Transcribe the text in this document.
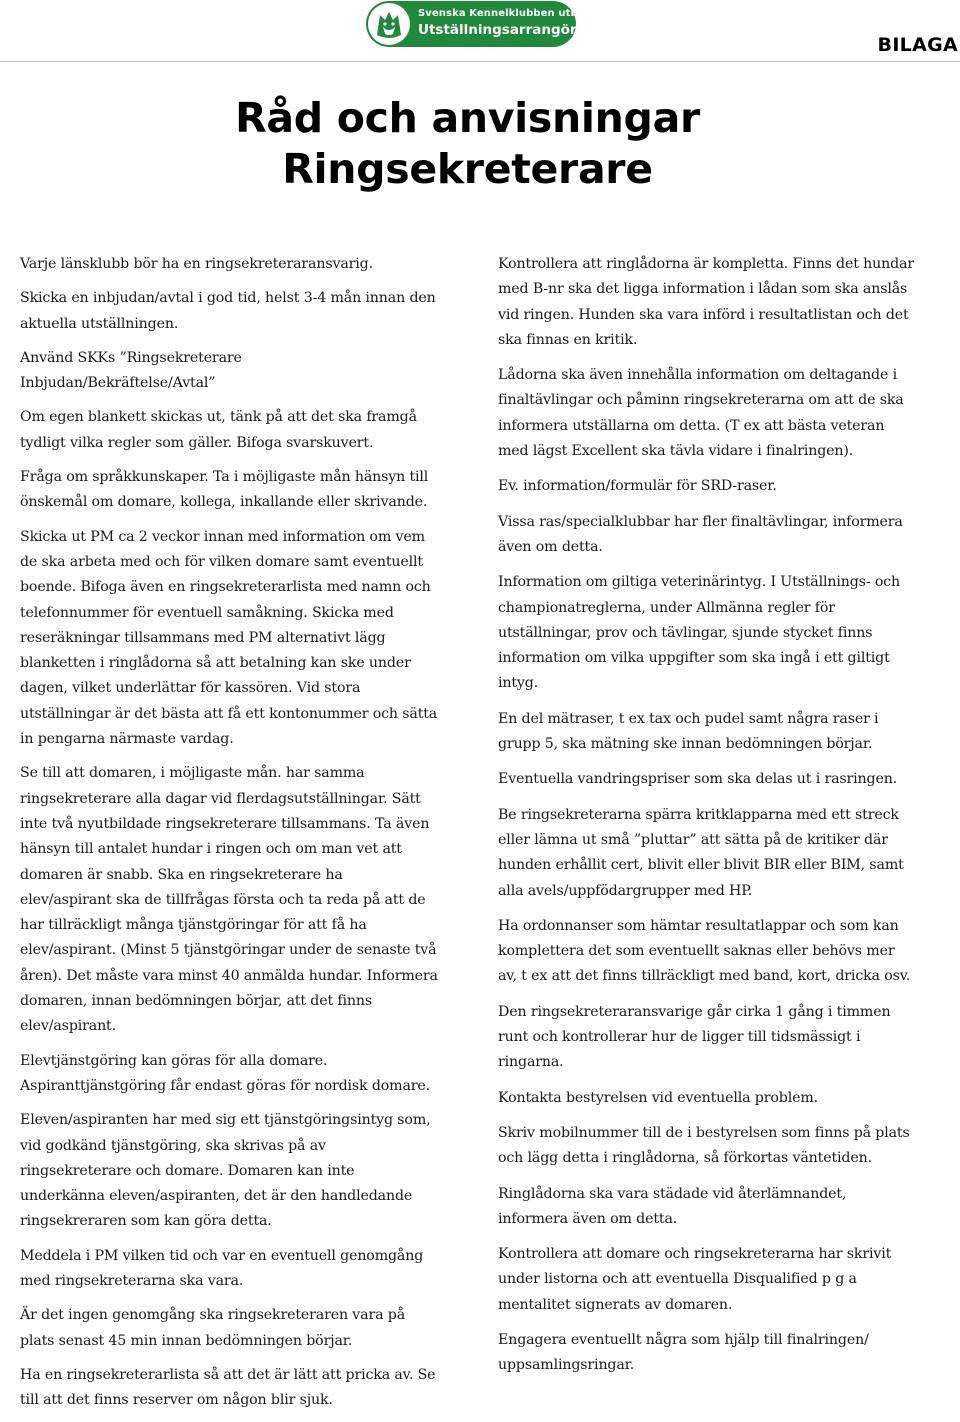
Svenska Kennelklubben utbildning
Utställningsarrangör
BILAGA
Råd och anvisningar
Ringsekreterare

Varje länsklubb bör ha en ringsekreteraransvarig.

Skicka en inbjudan/avtal i god tid, helst 3-4 mån innan den aktuella utställningen.

Använd SKKs ”Ringsekreterare Inbjudan/Bekräftelse/Avtal”

Om egen blankett skickas ut, tänk på att det ska framgå tydligt vilka regler som gäller. Bifoga svarskuvert.

Fråga om språkkunskaper. Ta i möjligaste mån hänsyn till önskemål om domare, kollega, inkallande eller skrivande.

Skicka ut PM ca 2 veckor innan med information om vem de ska arbeta med och för vilken domare samt eventuellt boende. Bifoga även en ringsekreterarlista med namn och telefonnummer för eventuell samåkning. Skicka med reseräkningar tillsammans med PM alternativt lägg blanketten i ringlådorna så att betalning kan ske under dagen, vilket underlättar för kassören. Vid stora utställningar är det bästa att få ett kontonummer och sätta in pengarna närmaste vardag.

Se till att domaren, i möjligaste mån. har samma ringsekreterare alla dagar vid flerdagsutställningar. Sätt inte två nyutbildade ringsekreterare tillsammans. Ta även hänsyn till antalet hundar i ringen och om man vet att domaren är snabb. Ska en ringsekreterare ha elev/aspirant ska de tillfrågas första och ta reda på att de har tillräckligt många tjänstgöringar för att få ha elev/aspirant. (Minst 5 tjänstgöringar under de senaste två åren). Det måste vara minst 40 anmälda hundar. Informera domaren, innan bedömningen börjar, att det finns elev/aspirant.

Elevtjänstgöring kan göras för alla domare. Aspiranttjänstgöring får endast göras för nordisk domare.

Eleven/aspiranten har med sig ett tjänstgöringsintyg som, vid godkänd tjänstgöring, ska skrivas på av ringsekreterare och domare. Domaren kan inte underkänna eleven/aspiranten, det är den handledande ringsekreraren som kan göra detta.

Meddela i PM vilken tid och var en eventuell genomgång med ringsekreterarna ska vara.

Är det ingen genomgång ska ringsekreteraren vara på plats senast 45 min innan bedömningen börjar.

Ha en ringsekreterarlista så att det är lätt att pricka av. Se till att det finns reserver om någon blir sjuk.

Kontrollera att ringlådorna är kompletta. Finns det hundar med B-nr ska det ligga information i lådan som ska anslås vid ringen. Hunden ska vara införd i resultatlistan och det ska finnas en kritik.

Lådorna ska även innehålla information om deltagande i finaltävlingar och påminn ringsekreterarna om att de ska informera utställarna om detta. (T ex att bästa veteran med lägst Excellent ska tävla vidare i finalringen).

Ev. information/formulär för SRD-raser.

Vissa ras/specialklubbar har fler finaltävlingar, informera även om detta.

Information om giltiga veterinärintyg. I Utställnings- och championatreglerna, under Allmänna regler för utställningar, prov och tävlingar, sjunde stycket finns information om vilka uppgifter som ska ingå i ett giltigt intyg.

En del mätraser, t ex tax och pudel samt några raser i grupp 5, ska mätning ske innan bedömningen börjar.

Eventuella vandringspriser som ska delas ut i rasringen.

Be ringsekreterarna spärra kritklapparna med ett streck eller lämna ut små ”pluttar” att sätta på de kritiker där hunden erhållit cert, blivit eller blivit BIR eller BIM, samt alla avels/uppfödargrupper med HP.

Ha ordonnanser som hämtar resultatlappar och som kan komplettera det som eventuellt saknas eller behövs mer av, t ex att det finns tillräckligt med band, kort, dricka osv.

Den ringsekreteraransvarige går cirka 1 gång i timmen runt och kontrollerar hur de ligger till tidsmässigt i ringarna.

Kontakta bestyrelsen vid eventuella problem.

Skriv mobilnummer till de i bestyrelsen som finns på plats och lägg detta i ringlådorna, så förkortas väntetiden.

Ringlådorna ska vara städade vid återlämnandet, informera även om detta.

Kontrollera att domare och ringsekreterarna har skrivit under listorna och att eventuella Disqualified p g a mentalitet signerats av domaren.

Engagera eventuellt några som hjälp till finalringen/ uppsamlingsringar.
